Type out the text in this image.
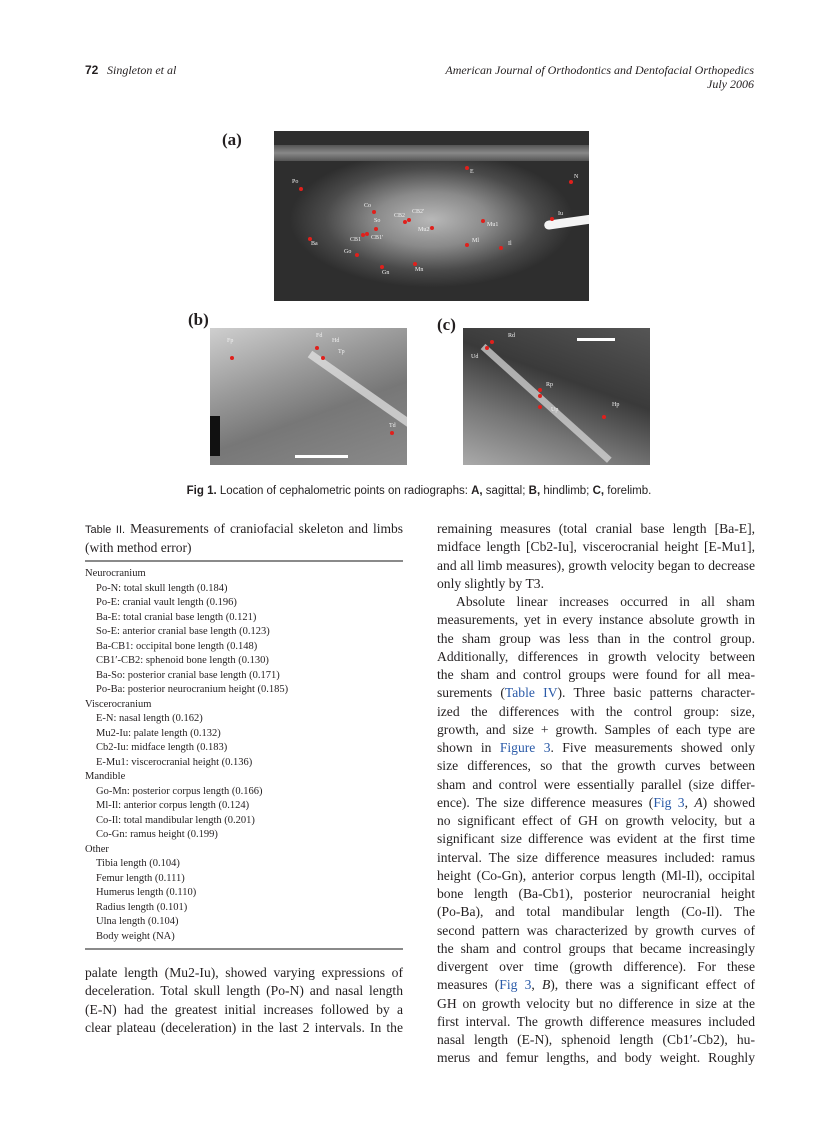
72 Singleton et al	American Journal of Orthodontics and Dentofacial Orthopedics
July 2006
(a)
Po
E
N
Co
So
CB2
CB2'
Mu2
Mu1
Iu
CB1 CB1'
Ba	Ml	Il
Go
Gn	Mn
(b)
Fp
Fd
Hd
Tp
Td
(c)
Rd
Ud
Rp
Up
Hp
Fig 1. Location of cephalometric points on radiographs: A, sagittal; B, hindlimb; C, forelimb.
Table II. Measurements of craniofacial skeleton and limbs (with method error)
Neurocranium
Po-N: total skull length (0.184)
Po-E: cranial vault length (0.196)
Ba-E: total cranial base length (0.121)
So-E: anterior cranial base length (0.123)
Ba-CB1: occipital bone length (0.148)
CB1′-CB2: sphenoid bone length (0.130)
Ba-So: posterior cranial base length (0.171)
Po-Ba: posterior neurocranium height (0.185)
Viscerocranium
E-N: nasal length (0.162)
Mu2-Iu: palate length (0.132)
Cb2-Iu: midface length (0.183)
E-Mu1: viscerocranial height (0.136)
Mandible
Go-Mn: posterior corpus length (0.166)
Ml-Il: anterior corpus length (0.124)
Co-Il: total mandibular length (0.201)
Co-Gn: ramus height (0.199)
Other
Tibia length (0.104)
Femur length (0.111)
Humerus length (0.110)
Radius length (0.101)
Ulna length (0.104)
Body weight (NA)
palate length (Mu2-Iu), showed varying expressions of
deceleration. Total skull length (Po-N) and nasal length
(E-N) had the greatest initial increases followed by a
clear plateau (deceleration) in the last 2 intervals. In the
remaining measures (total cranial base length [Ba-E],
midface length [Cb2-Iu], viscerocranial height [E-Mu1],
and all limb measures), growth velocity began to decrease
only slightly by T3.
Absolute linear increases occurred in all sham
measurements, yet in every instance absolute growth in
the sham group was less than in the control group.
Additionally, differences in growth velocity between
the sham and control groups were found for all mea-
surements (Table IV). Three basic patterns character-
ized the differences with the control group: size,
growth, and size + growth. Samples of each type are
shown in Figure 3. Five measurements showed only
size differences, so that the growth curves between
sham and control were essentially parallel (size differ-
ence). The size difference measures (Fig 3, A) showed
no significant effect of GH on growth velocity, but a
significant size difference was evident at the first time
interval. The size difference measures included: ramus
height (Co-Gn), anterior corpus length (Ml-Il), occipital
bone length (Ba-Cb1), posterior neurocranial height
(Po-Ba), and total mandibular length (Co-Il). The
second pattern was characterized by growth curves of
the sham and control groups that became increasingly
divergent over time (growth difference). For these
measures (Fig 3, B), there was a significant effect of
GH on growth velocity but no difference in size at the
first interval. The growth difference measures included
nasal length (E-N), sphenoid length (Cb1′-Cb2), hu-
merus and femur lengths, and body weight. Roughly
